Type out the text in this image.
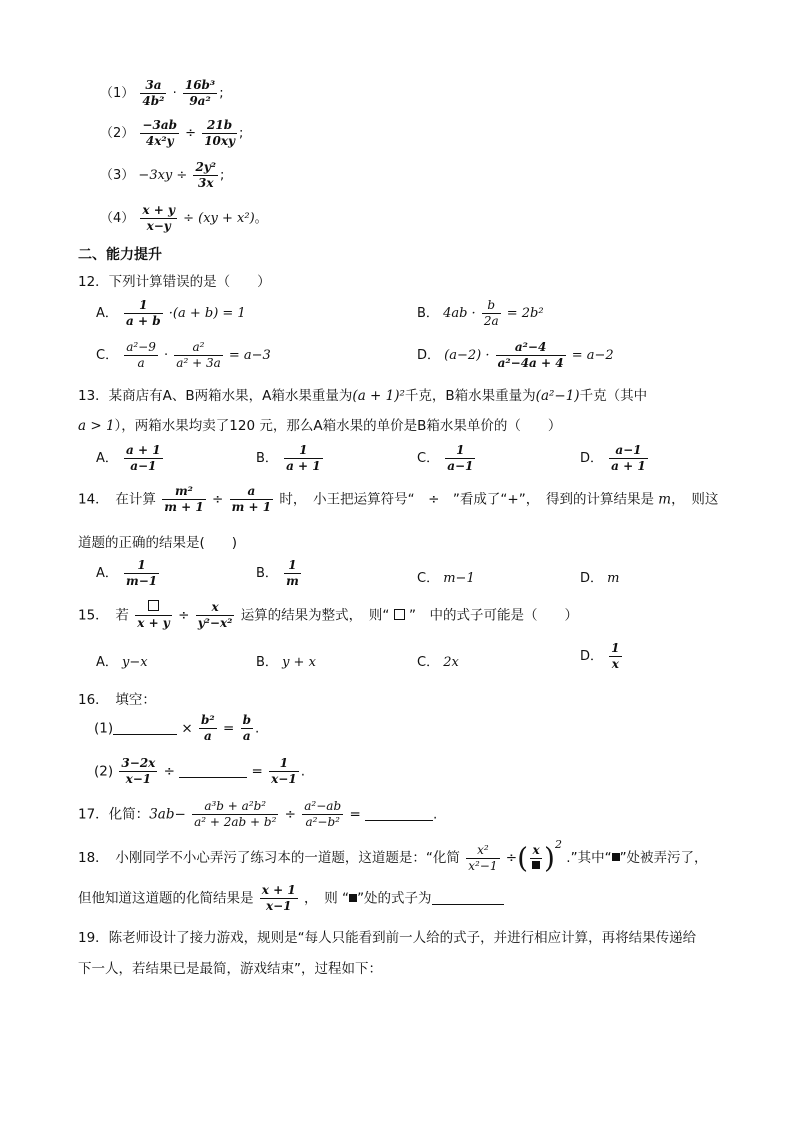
$(1) \frac{3a}{\text{4b²}} \cdot \frac{\text{16b³}}{\text{9a²}}$ ;
$(2) \frac{-3ab}{\text{4x²y}} \div \frac{21b}{10xy}$ ;
$(3) -3xy \div \frac{\text{2y²}}{3x}$ ;
$(4) \frac{x + y}{x-y} \div (xy + x^2)$。
二、能力提升
12．下列计算错误的是（　　）
A． $\frac{1}{a + b} \cdot(a + b) = 1$	B． $4ab \cdot \frac{b}{2a} = 2b^2$
C． $\frac{\text{a²−9}}{a} \cdot \frac{\text{a²}}{\text{a² + 3a}} = a-3$	D． $(a-2) \cdot \frac{\text{a²−4}}{\text{a²−4a + 4}} = a-2$
13．某商店有A、B两箱水果，A箱水果重量为(a + 1)²千克，B箱水果重量为(a²−1)千克（其中
a > 1），两箱水果均卖了120 元，那么A箱水果的单价是B箱水果单价的（　　）
A． $\frac{a + 1}{a-1}$	B． $\frac{1}{a + 1}$	C． $\frac{1}{a-1}$	D． $\frac{a-1}{a + 1}$
14．　在计算 $\frac{\text{m²}}{m + 1} \div \frac{a}{m + 1}$ 时，　小王把运算符号“　÷　”看成了“+”，　得到的计算结果是 m，　则这
道题的正确的结果是(　　)
A． $\frac{1}{m-1}$	B． $\frac{1}{m}$	C． m−1	D． m
15．　若 $x + y \div \frac{x}{\text{y²−x²}}$ 运算的结果为整式，　则“ ”　中的式子可能是（　　）
A． y−x	B． y + x	C． 2x	D． $\frac{1}{x}$
16．　填空：
(1)	× $\frac{\text{b²}}{a} = \frac{b}{a}$ .
$(2) \frac{3-2x}{x-1}$ ÷	= $\frac{1}{x-1}$ .
17．化简：$3ab- \frac{\text{a³b + a²b²}}{\text{a² + 2ab + b²}} \div \frac{\text{a²−ab}}{\text{a²−b²}}$ =	.
18．　小刚同学不小心弄污了练习本的一道题，这道题是：“化简 $\frac{\text{x²}}{\text{x²−1}}$ ÷( x )$^2$ .”其中“ ”处被弄污了，
但他知道这道题的化简结果是 $\frac{x + 1}{x-1}$ ，　则 “ ”处的式子为
19．陈老师设计了接力游戏，规则是“每人只能看到前一人给的式子，并进行相应计算，再将结果传递给
下一人，若结果已是最简，游戏结束”，过程如下：
